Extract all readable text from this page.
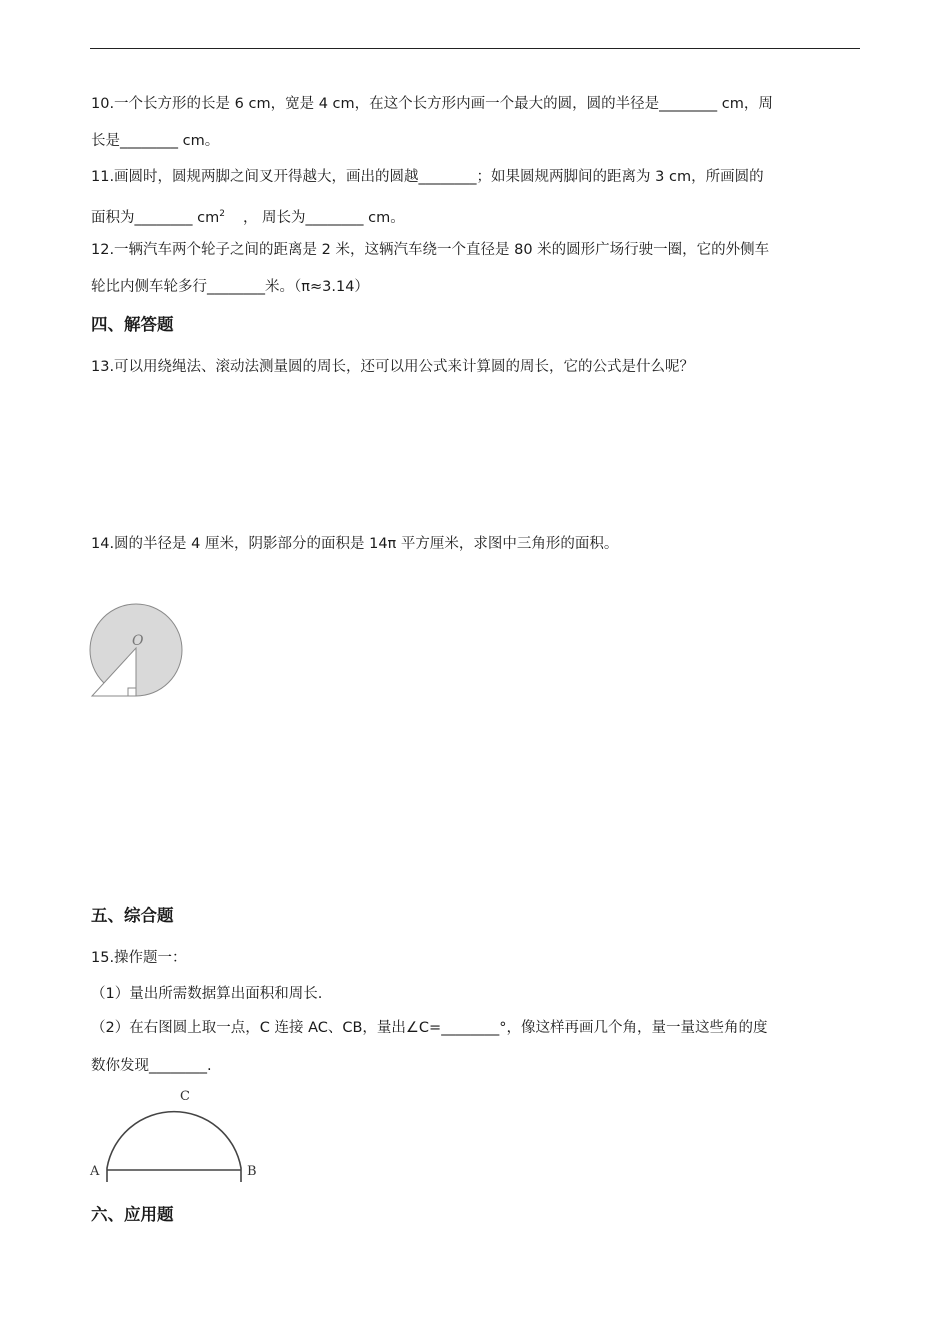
10.一个长方形的长是 6 cm，宽是 4 cm，在这个长方形内画一个最大的圆，圆的半径是________ cm，周
长是________ cm。
11.画圆时，圆规两脚之间叉开得越大，画出的圆越________；如果圆规两脚间的距离为 3 cm，所画圆的
面积为________ $cm^2$ ， 周长为________ cm。
12.一辆汽车两个轮子之间的距离是 2 米，这辆汽车绕一个直径是 80 米的圆形广场行驶一圈，它的外侧车
轮比内侧车轮多行________米。（π≈3.14）
四、解答题
13.可以用绕绳法、滚动法测量圆的周长，还可以用公式来计算圆的周长，它的公式是什么呢？
14.圆的半径是 4 厘米，阴影部分的面积是 14π 平方厘米，求图中三角形的面积。
O
五、综合题
15.操作题一：
（1）量出所需数据算出面积和周长.
（2）在右图圆上取一点，C 连接 AC、CB，量出∠C=________°，像这样再画几个角，量一量这些角的度
数你发现________.
C
A	B
六、应用题
